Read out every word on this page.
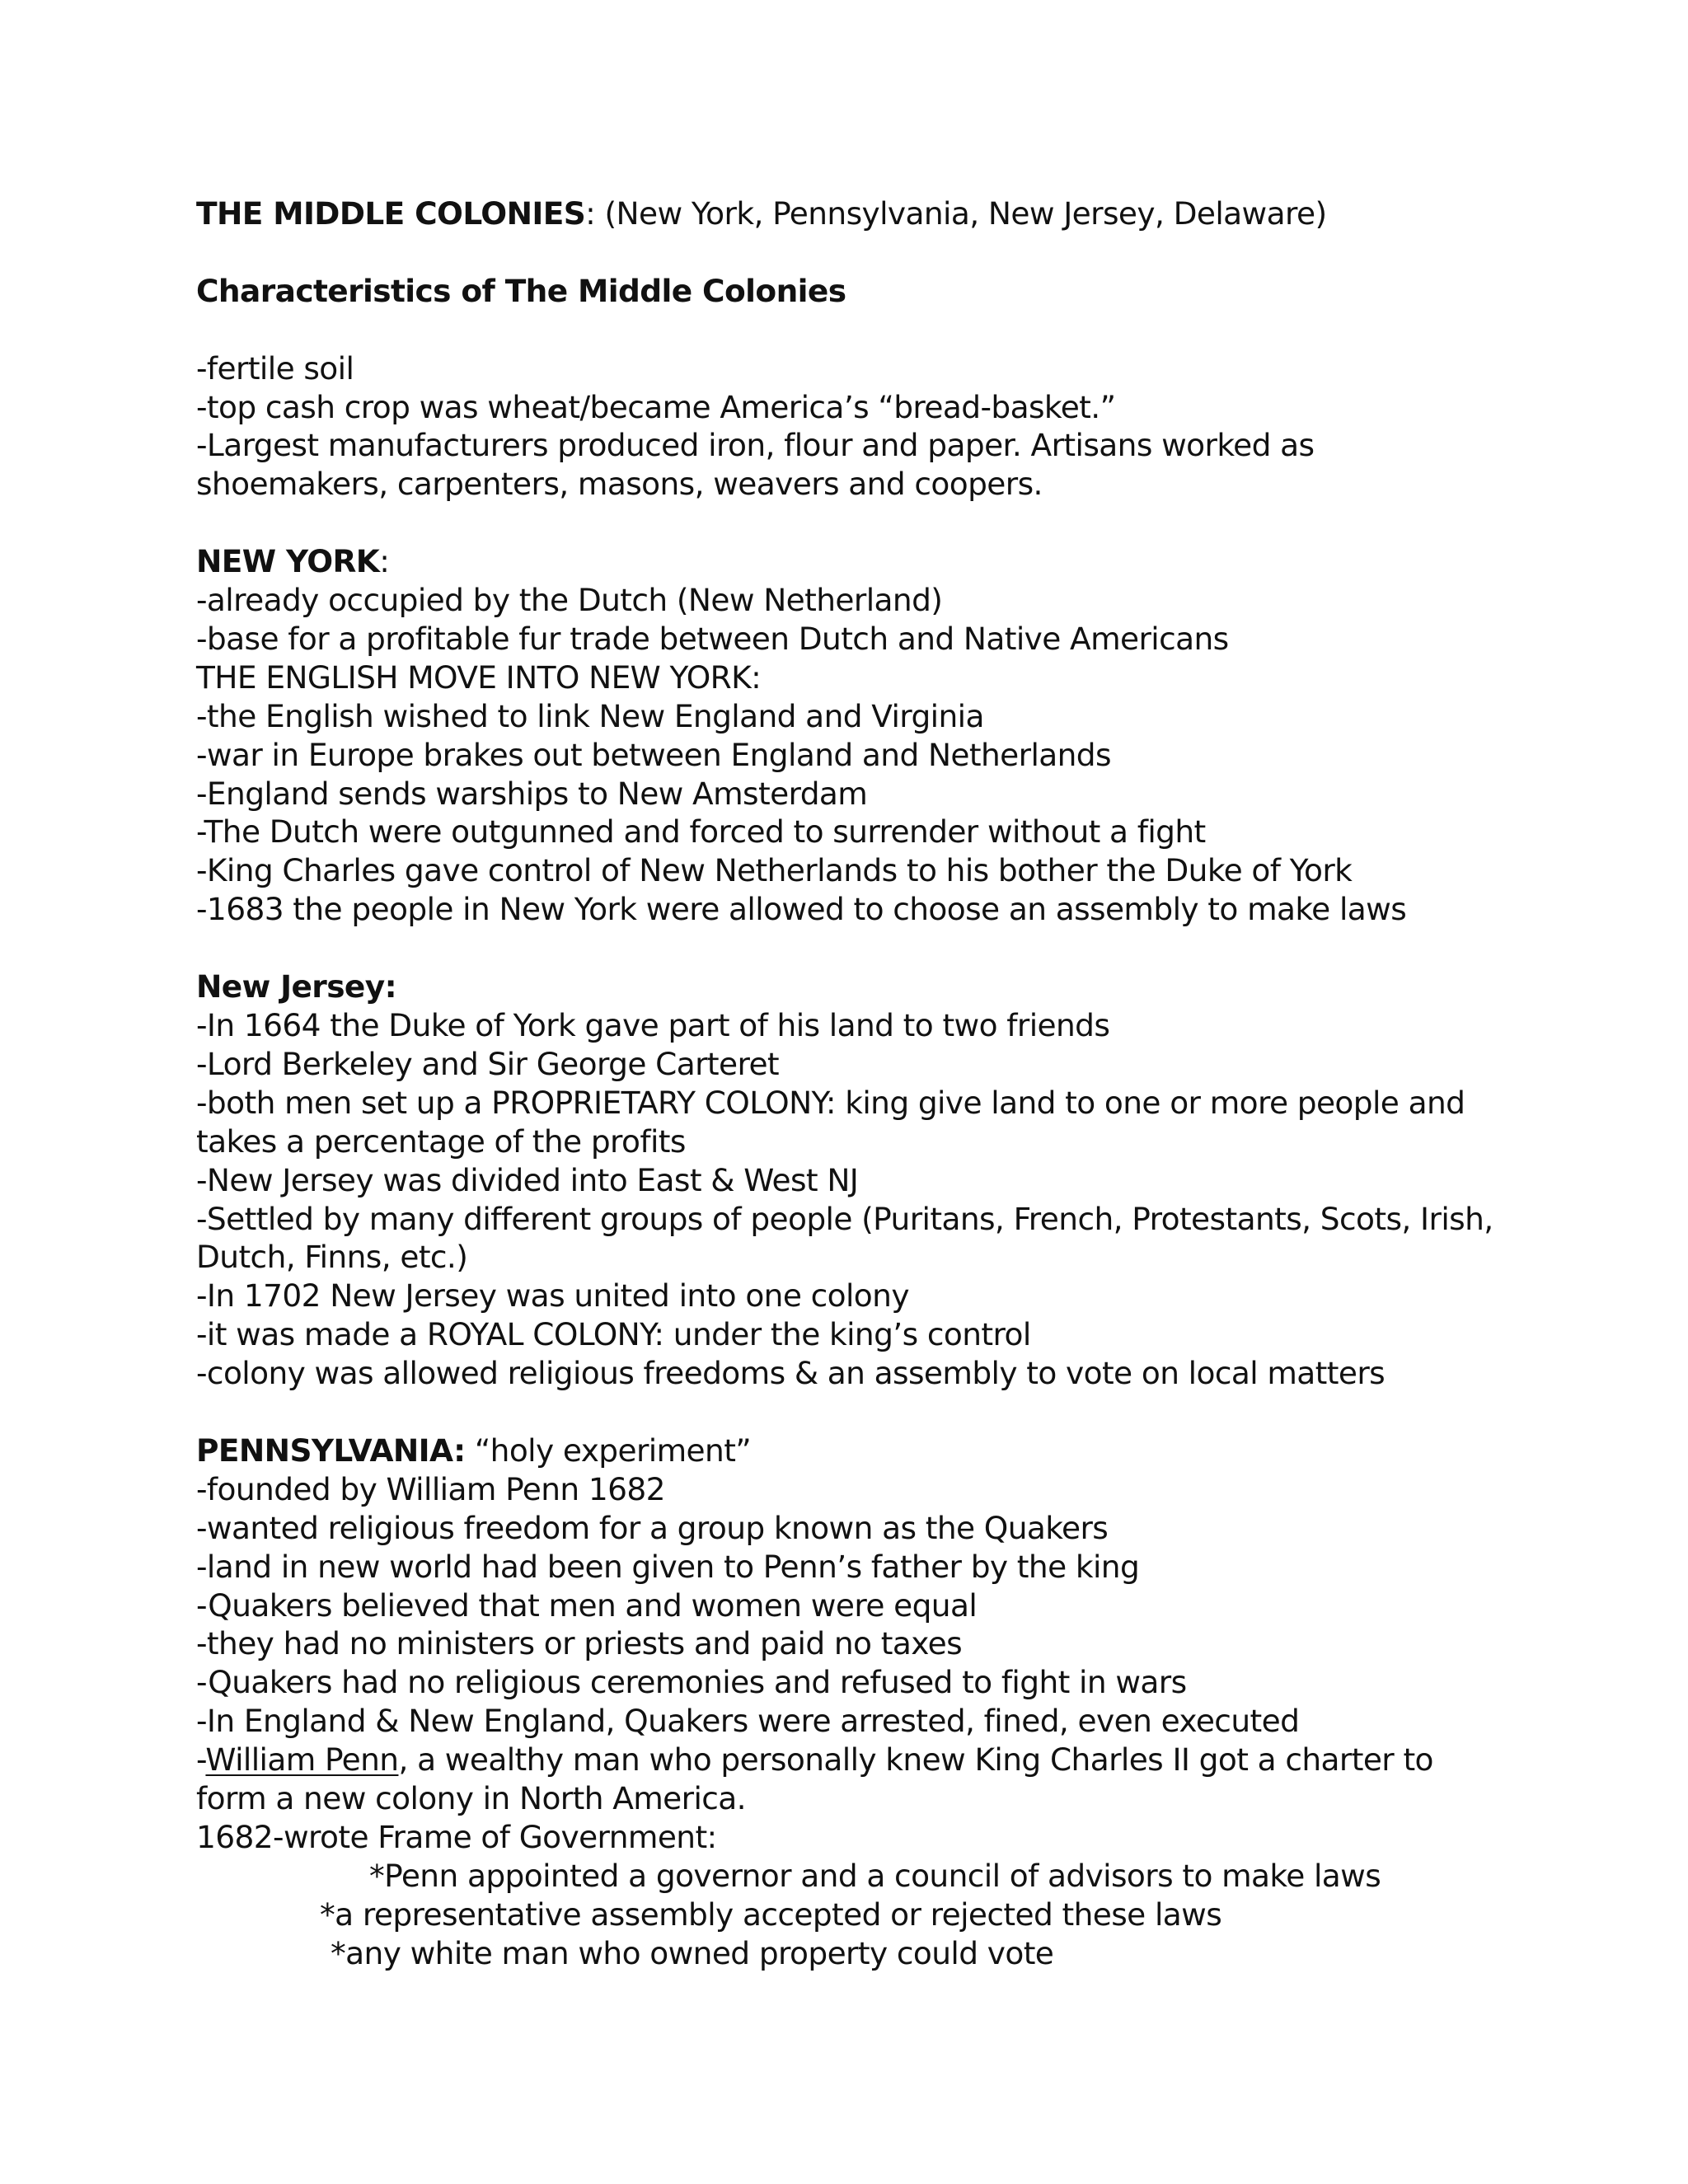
THE MIDDLE COLONIES: (New York, Pennsylvania, New Jersey, Delaware)

Characteristics of The Middle Colonies

-fertile soil

-top cash crop was wheat/became America’s “bread-basket.”

-Largest manufacturers produced iron, flour and paper. Artisans worked as

shoemakers, carpenters, masons, weavers and coopers.

NEW YORK:

-already occupied by the Dutch (New Netherland)

-base for a profitable fur trade between Dutch and Native Americans

THE ENGLISH MOVE INTO NEW YORK:

-the English wished to link New England and Virginia

-war in Europe brakes out between England and Netherlands

-England sends warships to New Amsterdam

-The Dutch were outgunned and forced to surrender without a fight

-King Charles gave control of New Netherlands to his bother the Duke of York

-1683 the people in New York were allowed to choose an assembly to make laws

New Jersey:

-In 1664 the Duke of York gave part of his land to two friends

-Lord Berkeley and Sir George Carteret

-both men set up a PROPRIETARY COLONY: king give land to one or more people and

takes a percentage of the profits

-New Jersey was divided into East & West NJ

-Settled by many different groups of people (Puritans, French, Protestants, Scots, Irish,

Dutch, Finns, etc.)

-In 1702 New Jersey was united into one colony

-it was made a ROYAL COLONY: under the king’s control

-colony was allowed religious freedoms & an assembly to vote on local matters

PENNSYLVANIA: “holy experiment”

-founded by William Penn 1682

-wanted religious freedom for a group known as the Quakers

-land in new world had been given to Penn’s father by the king

-Quakers believed that men and women were equal

-they had no ministers or priests and paid no taxes

-Quakers had no religious ceremonies and refused to fight in wars

-In England & New England, Quakers were arrested, fined, even executed

-William Penn, a wealthy man who personally knew King Charles II got a charter to

form a new colony in North America.

1682-wrote Frame of Government:

*Penn appointed a governor and a council of advisors to make laws

*a representative assembly accepted or rejected these laws

*any white man who owned property could vote
